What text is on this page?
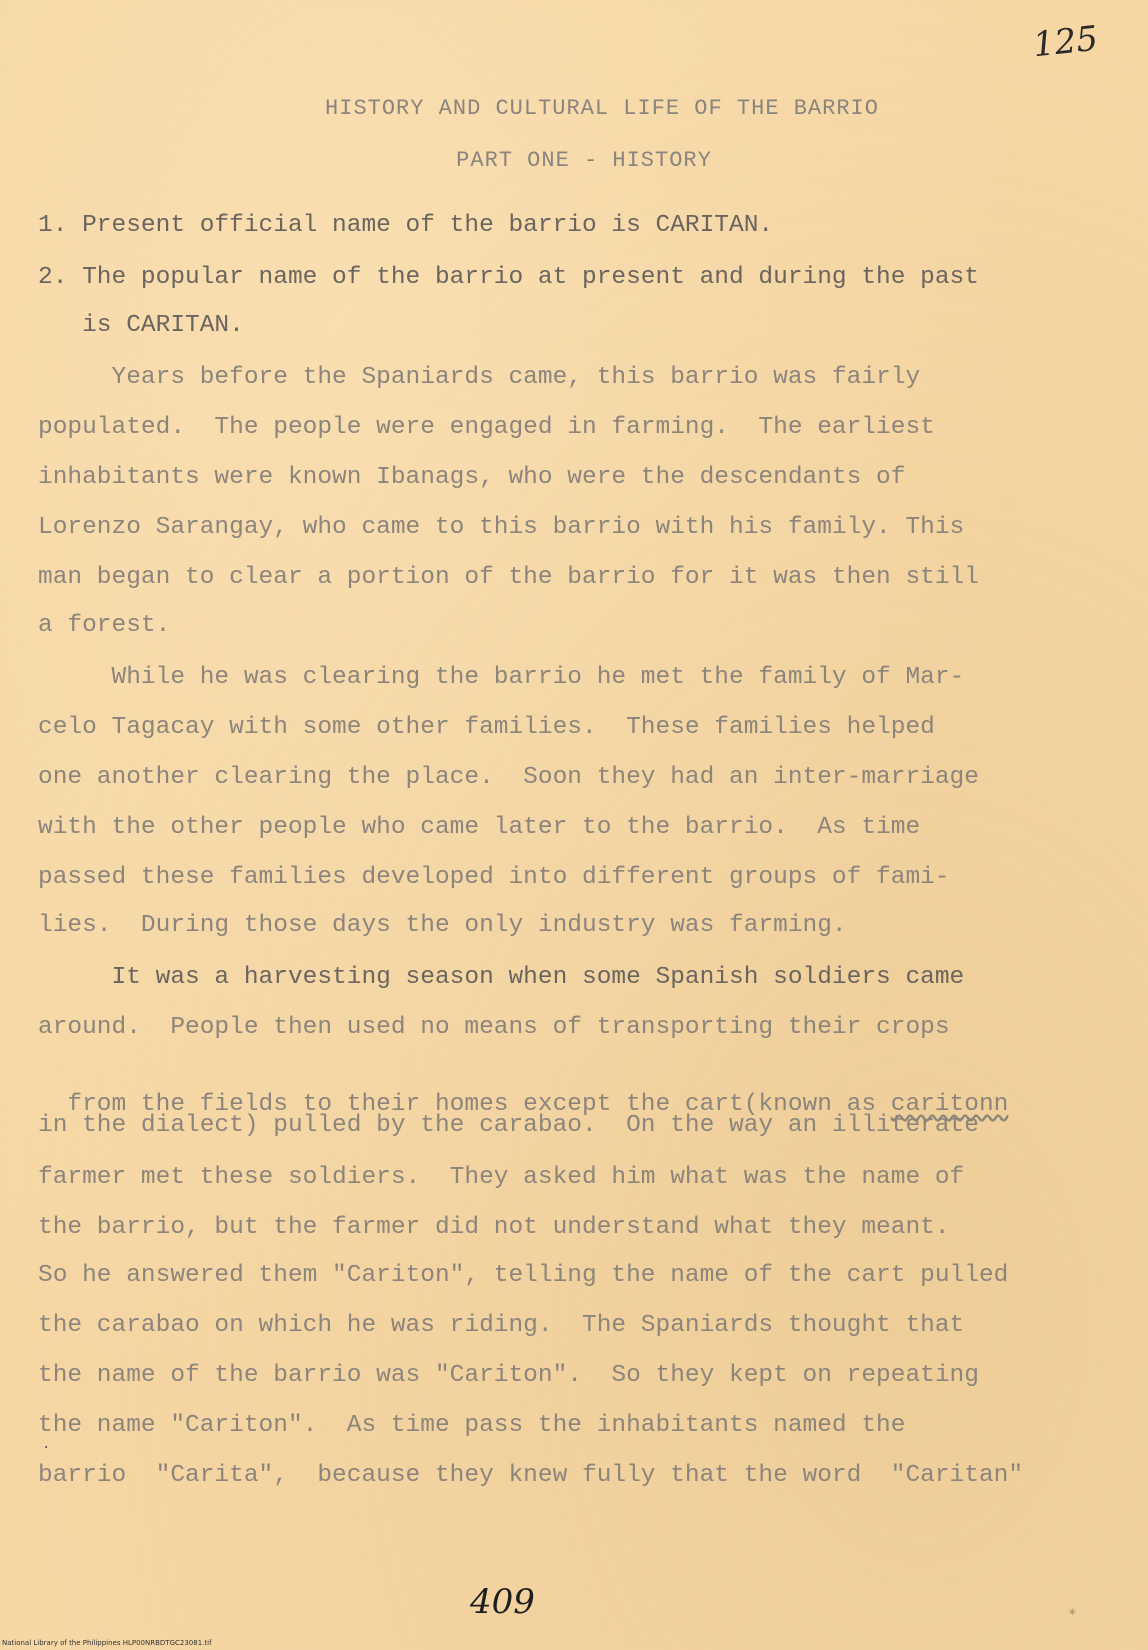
125
HISTORY AND CULTURAL LIFE OF THE BARRIO
PART ONE - HISTORY
1. Present official name of the barrio is CARITAN.
2. The popular name of the barrio at present and during the past
is CARITAN.
Years before the Spaniards came, this barrio was fairly
populated.  The people were engaged in farming.  The earliest
inhabitants were known Ibanags, who were the descendants of
Lorenzo Sarangay, who came to this barrio with his family. This
man began to clear a portion of the barrio for it was then still
a forest.
While he was clearing the barrio he met the family of Mar-
celo Tagacay with some other families.  These families helped
one another clearing the place.  Soon they had an inter-marriage
with the other people who came later to the barrio.  As time
passed these families developed into different groups of fami-
lies.  During those days the only industry was farming.
It was a harvesting season when some Spanish soldiers came
around.  People then used no means of transporting their crops

from the fields to their homes except the cart(known as caritonn

in the dialect) pulled by the carabao.  On the way an illiterate
farmer met these soldiers.  They asked him what was the name of
the barrio, but the farmer did not understand what they meant.
So he answered them "Cariton", telling the name of the cart pulled
the carabao on which he was riding.  The Spaniards thought that
the name of the barrio was "Cariton".  So they kept on repeating
the name "Cariton".  As time pass the inhabitants named the
barrio  "Carita",  because they knew fully that the word  "Caritan"
·
✶
409
National Library of the Philippines HLP00NRBDTGC23081.tif
